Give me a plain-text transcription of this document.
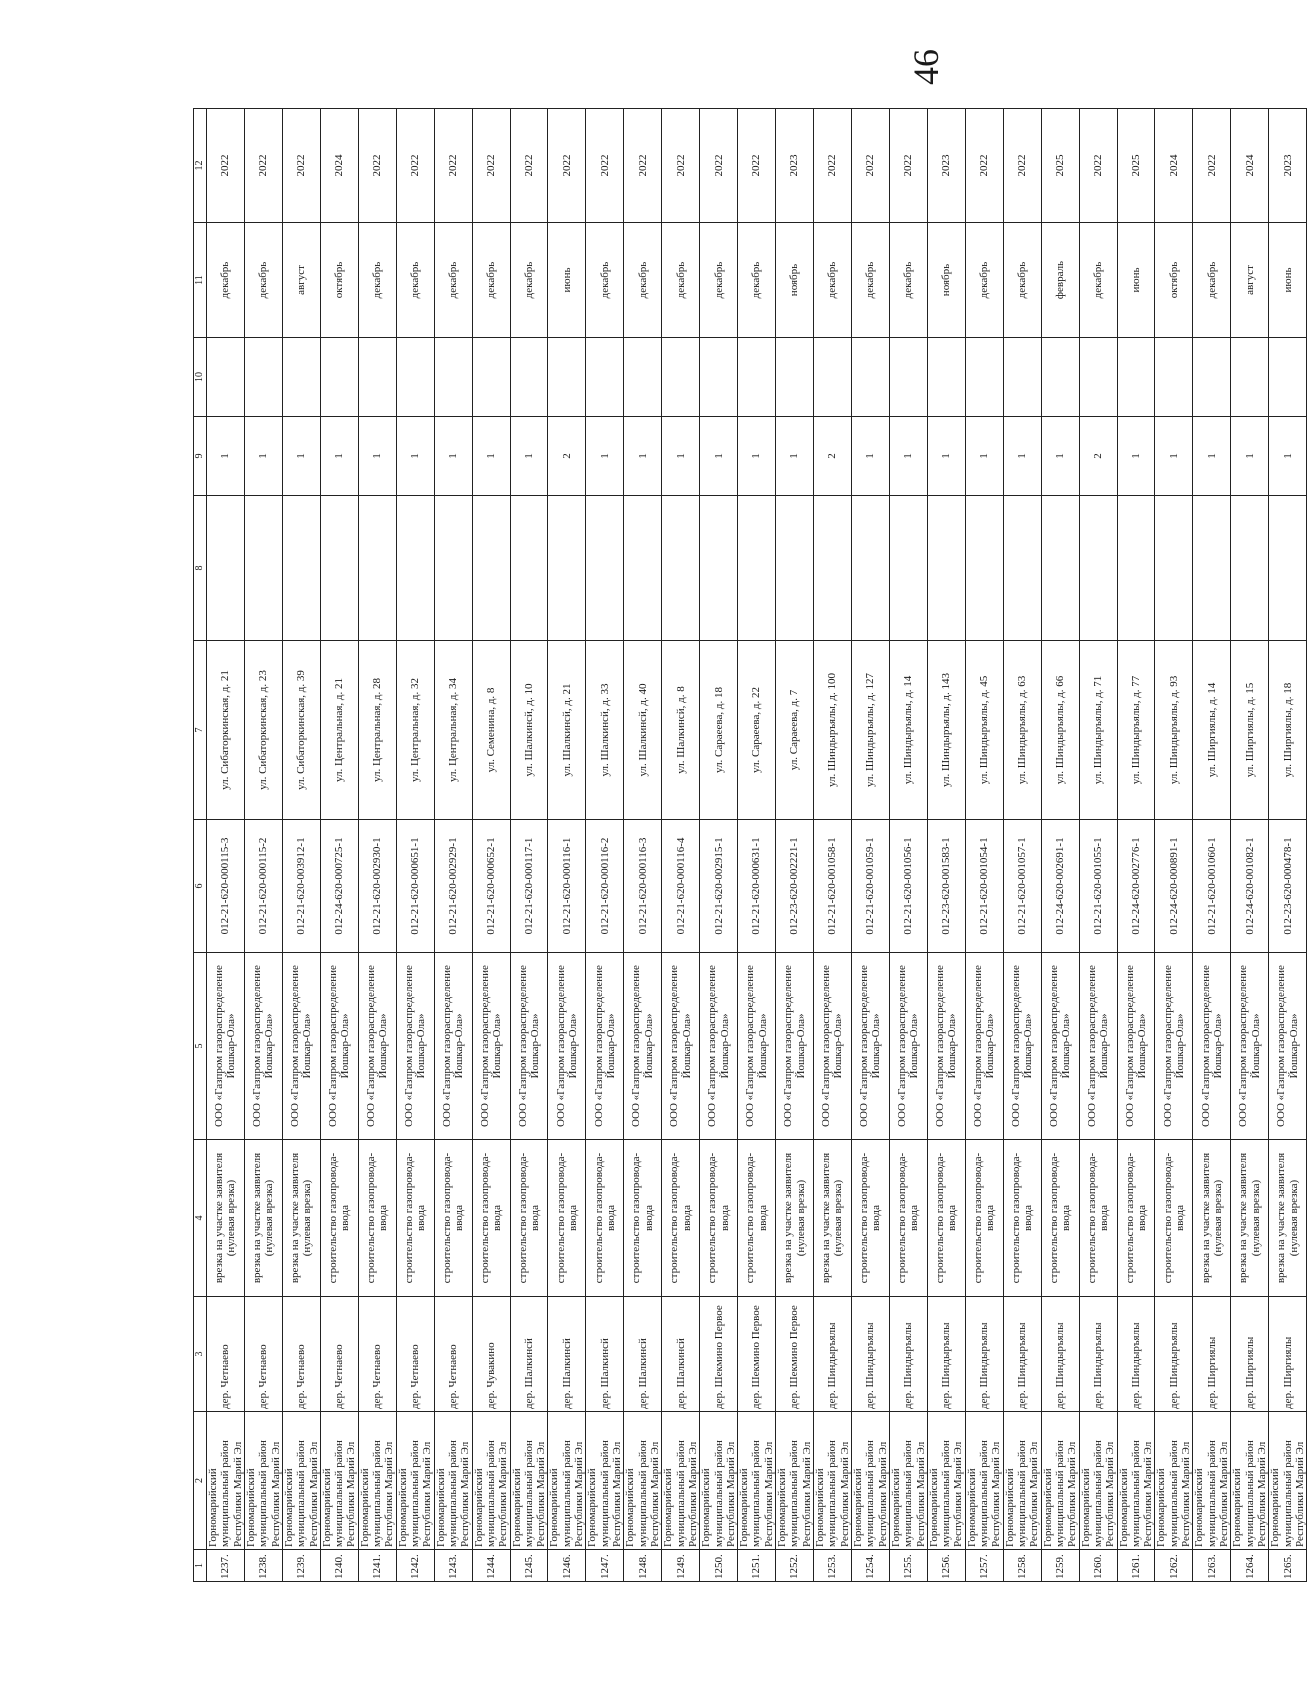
46
1	2	3	4	5	6	7	8	9	10	11	12
1237.	Горномарийский муниципальный район Республики Марий Эл	дер. Четнаево	врезка на участке заявителя (нулевая врезка)	ООО «Газпром газораспределение Йошкар-Ола»	012-21-620-000115-3	ул. Сибаторкинская, д. 21		1		декабрь	2022
1238.	Горномарийский муниципальный район Республики Марий Эл	дер. Четнаево	врезка на участке заявителя (нулевая врезка)	ООО «Газпром газораспределение Йошкар-Ола»	012-21-620-000115-2	ул. Сибаторкинская, д. 23		1		декабрь	2022
1239.	Горномарийский муниципальный район Республики Марий Эл	дер. Четнаево	врезка на участке заявителя (нулевая врезка)	ООО «Газпром газораспределение Йошкар-Ола»	012-21-620-003912-1	ул. Сибаторкинская, д. 39		1		август	2022
1240.	Горномарийский муниципальный район Республики Марий Эл	дер. Четнаево	строительство газопровода-ввода	ООО «Газпром газораспределение Йошкар-Ола»	012-24-620-000725-1	ул. Центральная, д. 21		1		октябрь	2024
1241.	Горномарийский муниципальный район Республики Марий Эл	дер. Четнаево	строительство газопровода-ввода	ООО «Газпром газораспределение Йошкар-Ола»	012-21-620-002930-1	ул. Центральная, д. 28		1		декабрь	2022
1242.	Горномарийский муниципальный район Республики Марий Эл	дер. Четнаево	строительство газопровода-ввода	ООО «Газпром газораспределение Йошкар-Ола»	012-21-620-000651-1	ул. Центральная, д. 32		1		декабрь	2022
1243.	Горномарийский муниципальный район Республики Марий Эл	дер. Четнаево	строительство газопровода-ввода	ООО «Газпром газораспределение Йошкар-Ола»	012-21-620-002929-1	ул. Центральная, д. 34		1		декабрь	2022
1244.	Горномарийский муниципальный район Республики Марий Эл	дер. Чувакино	строительство газопровода-ввода	ООО «Газпром газораспределение Йошкар-Ола»	012-21-620-000652-1	ул. Семенина, д. 8		1		декабрь	2022
1245.	Горномарийский муниципальный район Республики Марий Эл	дер. Шалкинсй	строительство газопровода-ввода	ООО «Газпром газораспределение Йошкар-Ола»	012-21-620-000117-1	ул. Шалкинсй, д. 10		1		декабрь	2022
1246.	Горномарийский муниципальный район Республики Марий Эл	дер. Шалкинсй	строительство газопровода-ввода	ООО «Газпром газораспределение Йошкар-Ола»	012-21-620-000116-1	ул. Шалкинсй, д. 21		2		июнь	2022
1247.	Горномарийский муниципальный район Республики Марий Эл	дер. Шалкинсй	строительство газопровода-ввода	ООО «Газпром газораспределение Йошкар-Ола»	012-21-620-000116-2	ул. Шалкинсй, д. 33		1		декабрь	2022
1248.	Горномарийский муниципальный район Республики Марий Эл	дер. Шалкинсй	строительство газопровода-ввода	ООО «Газпром газораспределение Йошкар-Ола»	012-21-620-000116-3	ул. Шалкинсй, д. 40		1		декабрь	2022
1249.	Горномарийский муниципальный район Республики Марий Эл	дер. Шалкинсй	строительство газопровода-ввода	ООО «Газпром газораспределение Йошкар-Ола»	012-21-620-000116-4	ул. Шалкинсй, д. 8		1		декабрь	2022
1250.	Горномарийский муниципальный район Республики Марий Эл	дер. Шекмино Первое	строительство газопровода-ввода	ООО «Газпром газораспределение Йошкар-Ола»	012-21-620-002915-1	ул. Сараеева, д. 18		1		декабрь	2022
1251.	Горномарийский муниципальный район Республики Марий Эл	дер. Шекмино Первое	строительство газопровода-ввода	ООО «Газпром газораспределение Йошкар-Ола»	012-21-620-000631-1	ул. Сараеева, д. 22		1		декабрь	2022
1252.	Горномарийский муниципальный район Республики Марий Эл	дер. Шекмино Первое	врезка на участке заявителя (нулевая врезка)	ООО «Газпром газораспределение Йошкар-Ола»	012-23-620-002221-1	ул. Сараеева, д. 7		1		ноябрь	2023
1253.	Горномарийский муниципальный район Республики Марий Эл	дер. Шиндыръялы	врезка на участке заявителя (нулевая врезка)	ООО «Газпром газораспределение Йошкар-Ола»	012-21-620-001058-1	ул. Шиндыръялы, д. 100		2		декабрь	2022
1254.	Горномарийский муниципальный район Республики Марий Эл	дер. Шиндыръялы	строительство газопровода-ввода	ООО «Газпром газораспределение Йошкар-Ола»	012-21-620-001059-1	ул. Шиндыръялы, д. 127		1		декабрь	2022
1255.	Горномарийский муниципальный район Республики Марий Эл	дер. Шиндыръялы	строительство газопровода-ввода	ООО «Газпром газораспределение Йошкар-Ола»	012-21-620-001056-1	ул. Шиндыръялы, д. 14		1		декабрь	2022
1256.	Горномарийский муниципальный район Республики Марий Эл	дер. Шиндыръялы	строительство газопровода-ввода	ООО «Газпром газораспределение Йошкар-Ола»	012-23-620-001583-1	ул. Шиндыръялы, д. 143		1		ноябрь	2023
1257.	Горномарийский муниципальный район Республики Марий Эл	дер. Шиндыръялы	строительство газопровода-ввода	ООО «Газпром газораспределение Йошкар-Ола»	012-21-620-001054-1	ул. Шиндыръялы, д. 45		1		декабрь	2022
1258.	Горномарийский муниципальный район Республики Марий Эл	дер. Шиндыръялы	строительство газопровода-ввода	ООО «Газпром газораспределение Йошкар-Ола»	012-21-620-001057-1	ул. Шиндыръялы, д. 63		1		декабрь	2022
1259.	Горномарийский муниципальный район Республики Марий Эл	дер. Шиндыръялы	строительство газопровода-ввода	ООО «Газпром газораспределение Йошкар-Ола»	012-24-620-002691-1	ул. Шиндыръялы, д. 66		1		февраль	2025
1260.	Горномарийский муниципальный район Республики Марий Эл	дер. Шиндыръялы	строительство газопровода-ввода	ООО «Газпром газораспределение Йошкар-Ола»	012-21-620-001055-1	ул. Шиндыръялы, д. 71		2		декабрь	2022
1261.	Горномарийский муниципальный район Республики Марий Эл	дер. Шиндыръялы	строительство газопровода-ввода	ООО «Газпром газораспределение Йошкар-Ола»	012-24-620-002776-1	ул. Шиндыръялы, д. 77		1		июнь	2025
1262.	Горномарийский муниципальный район Республики Марий Эл	дер. Шиндыръялы	строительство газопровода-ввода	ООО «Газпром газораспределение Йошкар-Ола»	012-24-620-000891-1	ул. Шиндыръялы, д. 93		1		октябрь	2024
1263.	Горномарийский муниципальный район Республики Марий Эл	дер. Ширгиялы	врезка на участке заявителя (нулевая врезка)	ООО «Газпром газораспределение Йошкар-Ола»	012-21-620-001060-1	ул. Ширгиялы, д. 14		1		декабрь	2022
1264.	Горномарийский муниципальный район Республики Марий Эл	дер. Ширгиялы	врезка на участке заявителя (нулевая врезка)	ООО «Газпром газораспределение Йошкар-Ола»	012-24-620-001082-1	ул. Ширгиялы, д. 15		1		август	2024
1265.	Горномарийский муниципальный район Республики Марий Эл	дер. Ширгиялы	врезка на участке заявителя (нулевая врезка)	ООО «Газпром газораспределение Йошкар-Ола»	012-23-620-000478-1	ул. Ширгиялы, д. 18		1		июнь	2023
